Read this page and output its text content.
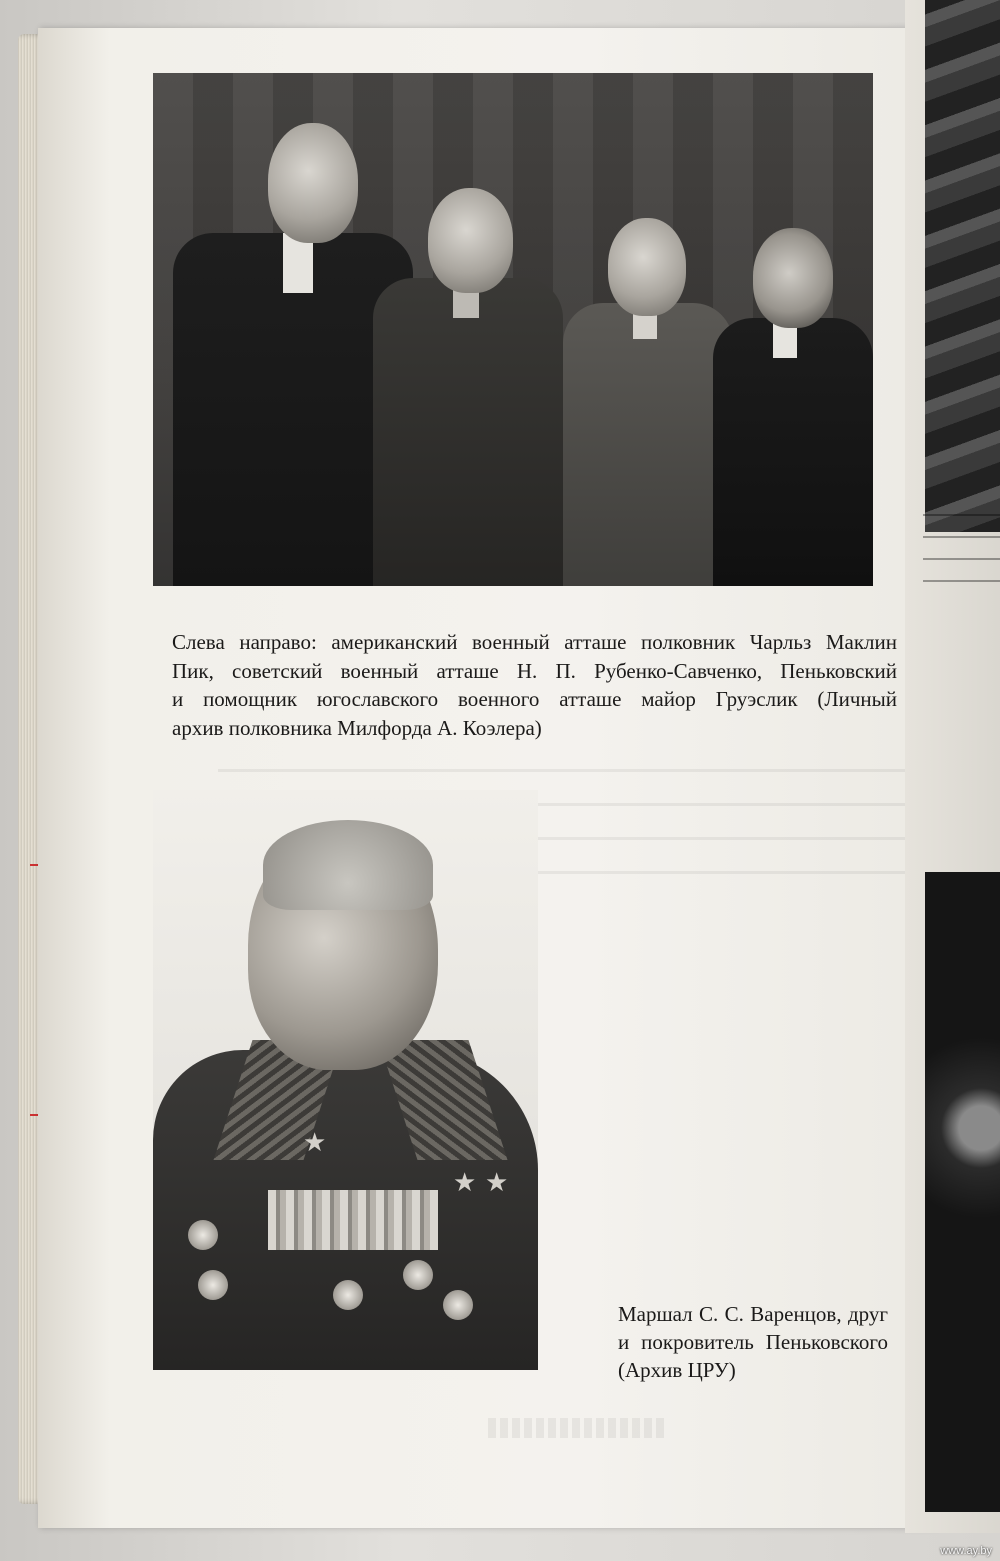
Слева направо: американский военный атташе полковник Чарльз Маклин
Пик, советский военный атташе Н. П. Рубенко-Савченко, Пеньковский
и помощник югославского военного атташе майор Груэслик (Личный
архив полковника Милфорда А. Коэлера)
★
★ ★
Маршал С. С. Варенцов, друг
и покровитель Пеньковского
(Архив ЦРУ)
www.ay.by
